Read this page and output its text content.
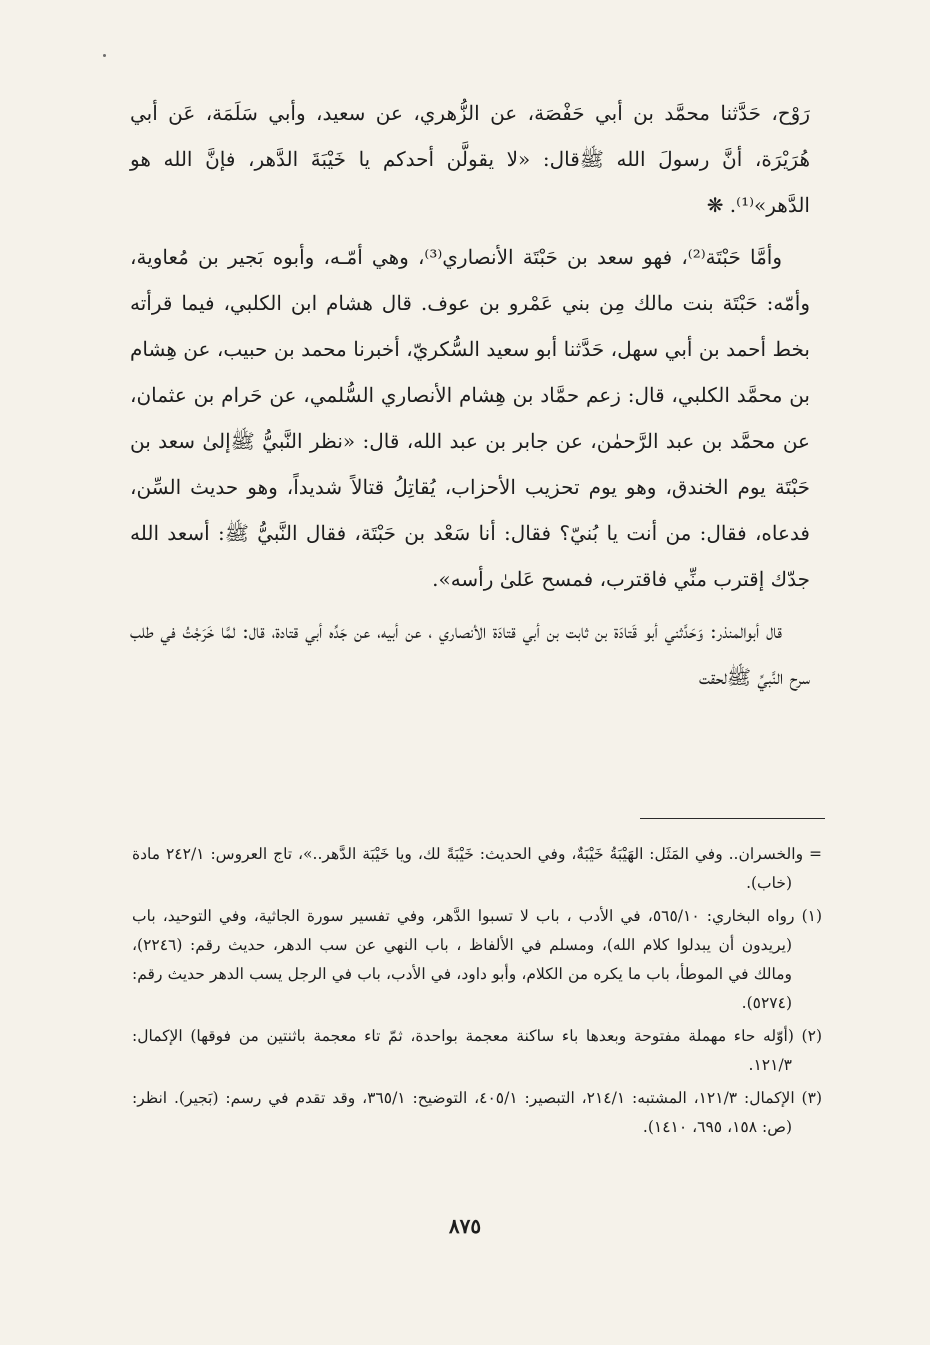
رَوْح، حَدَّثنا محمَّد بن أبي حَفْصَة، عن الزُّهري، عن سعيد، وأبي سَلَمَة، عَن أبي هُرَيْرَة، أنَّ رسولَ الله ﷺقال: «لا يقولَّن أحدكم يا خَيْبَةَ الدَّهر، فإنَّ الله هو الدَّهر»⁽¹⁾. ❋

وأمَّا حَبْتَة⁽²⁾، فهو سعد بن حَبْتَة الأنصاري⁽³⁾، وهي أمّـه، وأبوه بَجير بن مُعاوية، وأمّه: حَبْتَة بنت مالك مِن بني عَمْرو بن عوف. قال هشام ابن الكلبي، فيما قرأته بخط أحمد بن أبي سهل، حَدَّثنا أبو سعيد السُّكريّ، أخبرنا محمد بن حبيب، عن هِشام بن محمَّد الكلبي، قال: زعم حمَّاد بن هِشام الأنصاري السُّلمي، عن حَرام بن عثمان، عن محمَّد بن عبد الرَّحمٰن، عن جابر بن عبد الله، قال: «نظر النَّبيُّ ﷺإلىٰ سعد بن حَبْتَة يوم الخندق، وهو يوم تحزيب الأحزاب، يُقاتِلُ قتالاً شديداً، وهو حديث السِّن، فدعاه، فقال: من أنت يا بُنيّ؟ فقال: أنا سَعْد بن حَبْتَة، فقال النَّبيُّ ﷺ: أسعد الله جدّك إقترب منِّي فاقترب، فمسح عَلىٰ رأسه».

قال أبوالمنذر: وَحَدَّثني أبو قَتادَة بن ثابت بن أبي قتادَة الأنصاري ، عن أبيه، عن جَدِّه أبي قتادة، قال: لمَّا خَرَجْتُ في طلب سرح النَّبيِّ ﷺلحقت

= والخسران.. وفي المَثَل: الهَيْبَةُ خَيْبَةٌ، وفي الحديث: خَيْبَةً لك، ويا خَيْبَة الدَّهر..»، تاج العروس: ٢٤٢/١ مادة (خاب).

(١) رواه البخاري: ٥٦٥/١٠، في الأدب ، باب لا تسبوا الدَّهر، وفي تفسير سورة الجاثية، وفي التوحيد، باب (يريدون أن يبدلوا كلام الله)، ومسلم في الألفاظ ، باب النهي عن سب الدهر، حديث رقم: (٢٢٤٦)، ومالك في الموطأ، باب ما يكره من الكلام، وأبو داود، في الأدب، باب في الرجل يسب الدهر حديث رقم: (٥٢٧٤).

(٢) (أوّله حاء مهملة مفتوحة وبعدها باء ساكنة معجمة بواحدة، ثمّ تاء معجمة باثنتين من فوقها) الإكمال: ١٢١/٣.

(٣) الإكمال: ١٢١/٣، المشتبه: ٢١٤/١، التبصير: ٤٠٥/١، التوضيح: ٣٦٥/١، وقد تقدم في رسم: (بَجير). انظر: (ص: ١٥٨، ٦٩٥، ١٤١٠).

٨٧٥
